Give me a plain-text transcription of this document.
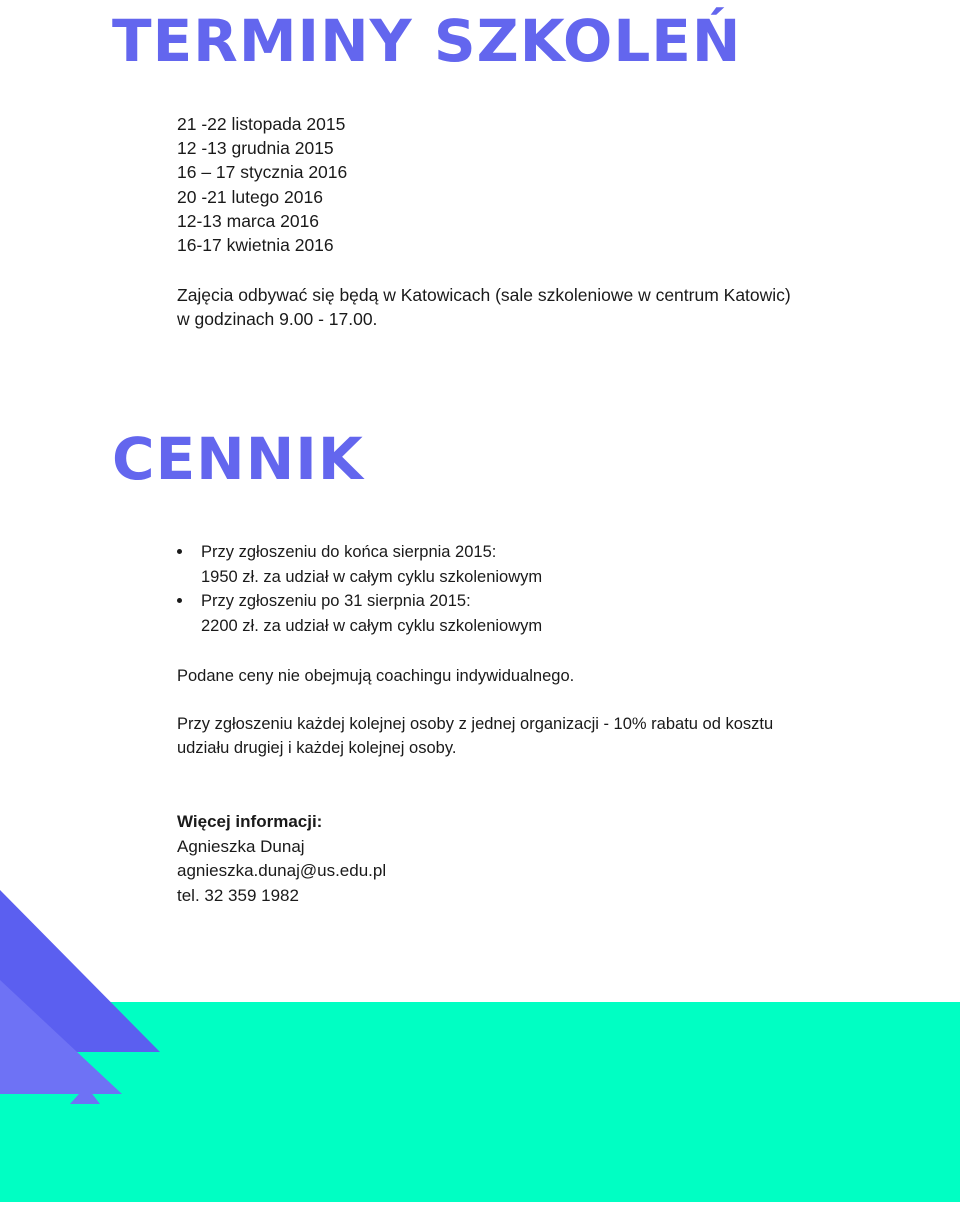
TERMINY SZKOLEŃ
21 -22 listopada 2015
12 -13 grudnia 2015
16 – 17 stycznia 2016
20 -21 lutego 2016
12-13 marca 2016
16-17 kwietnia 2016
Zajęcia odbywać się będą w Katowicach (sale szkoleniowe w centrum Katowic)
w godzinach 9.00 - 17.00.
CENNIK
Przy zgłoszeniu do końca sierpnia 2015:
1950 zł. za udział w całym cyklu szkoleniowym
Przy zgłoszeniu po 31 sierpnia 2015:
2200 zł. za udział w całym cyklu szkoleniowym
Podane ceny nie obejmują coachingu indywidualnego.
Przy zgłoszeniu każdej kolejnej osoby z jednej organizacji - 10% rabatu od kosztu
udziału drugiej i każdej kolejnej osoby.
Więcej informacji:
Agnieszka Dunaj
agnieszka.dunaj@us.edu.pl
tel. 32 359 1982
